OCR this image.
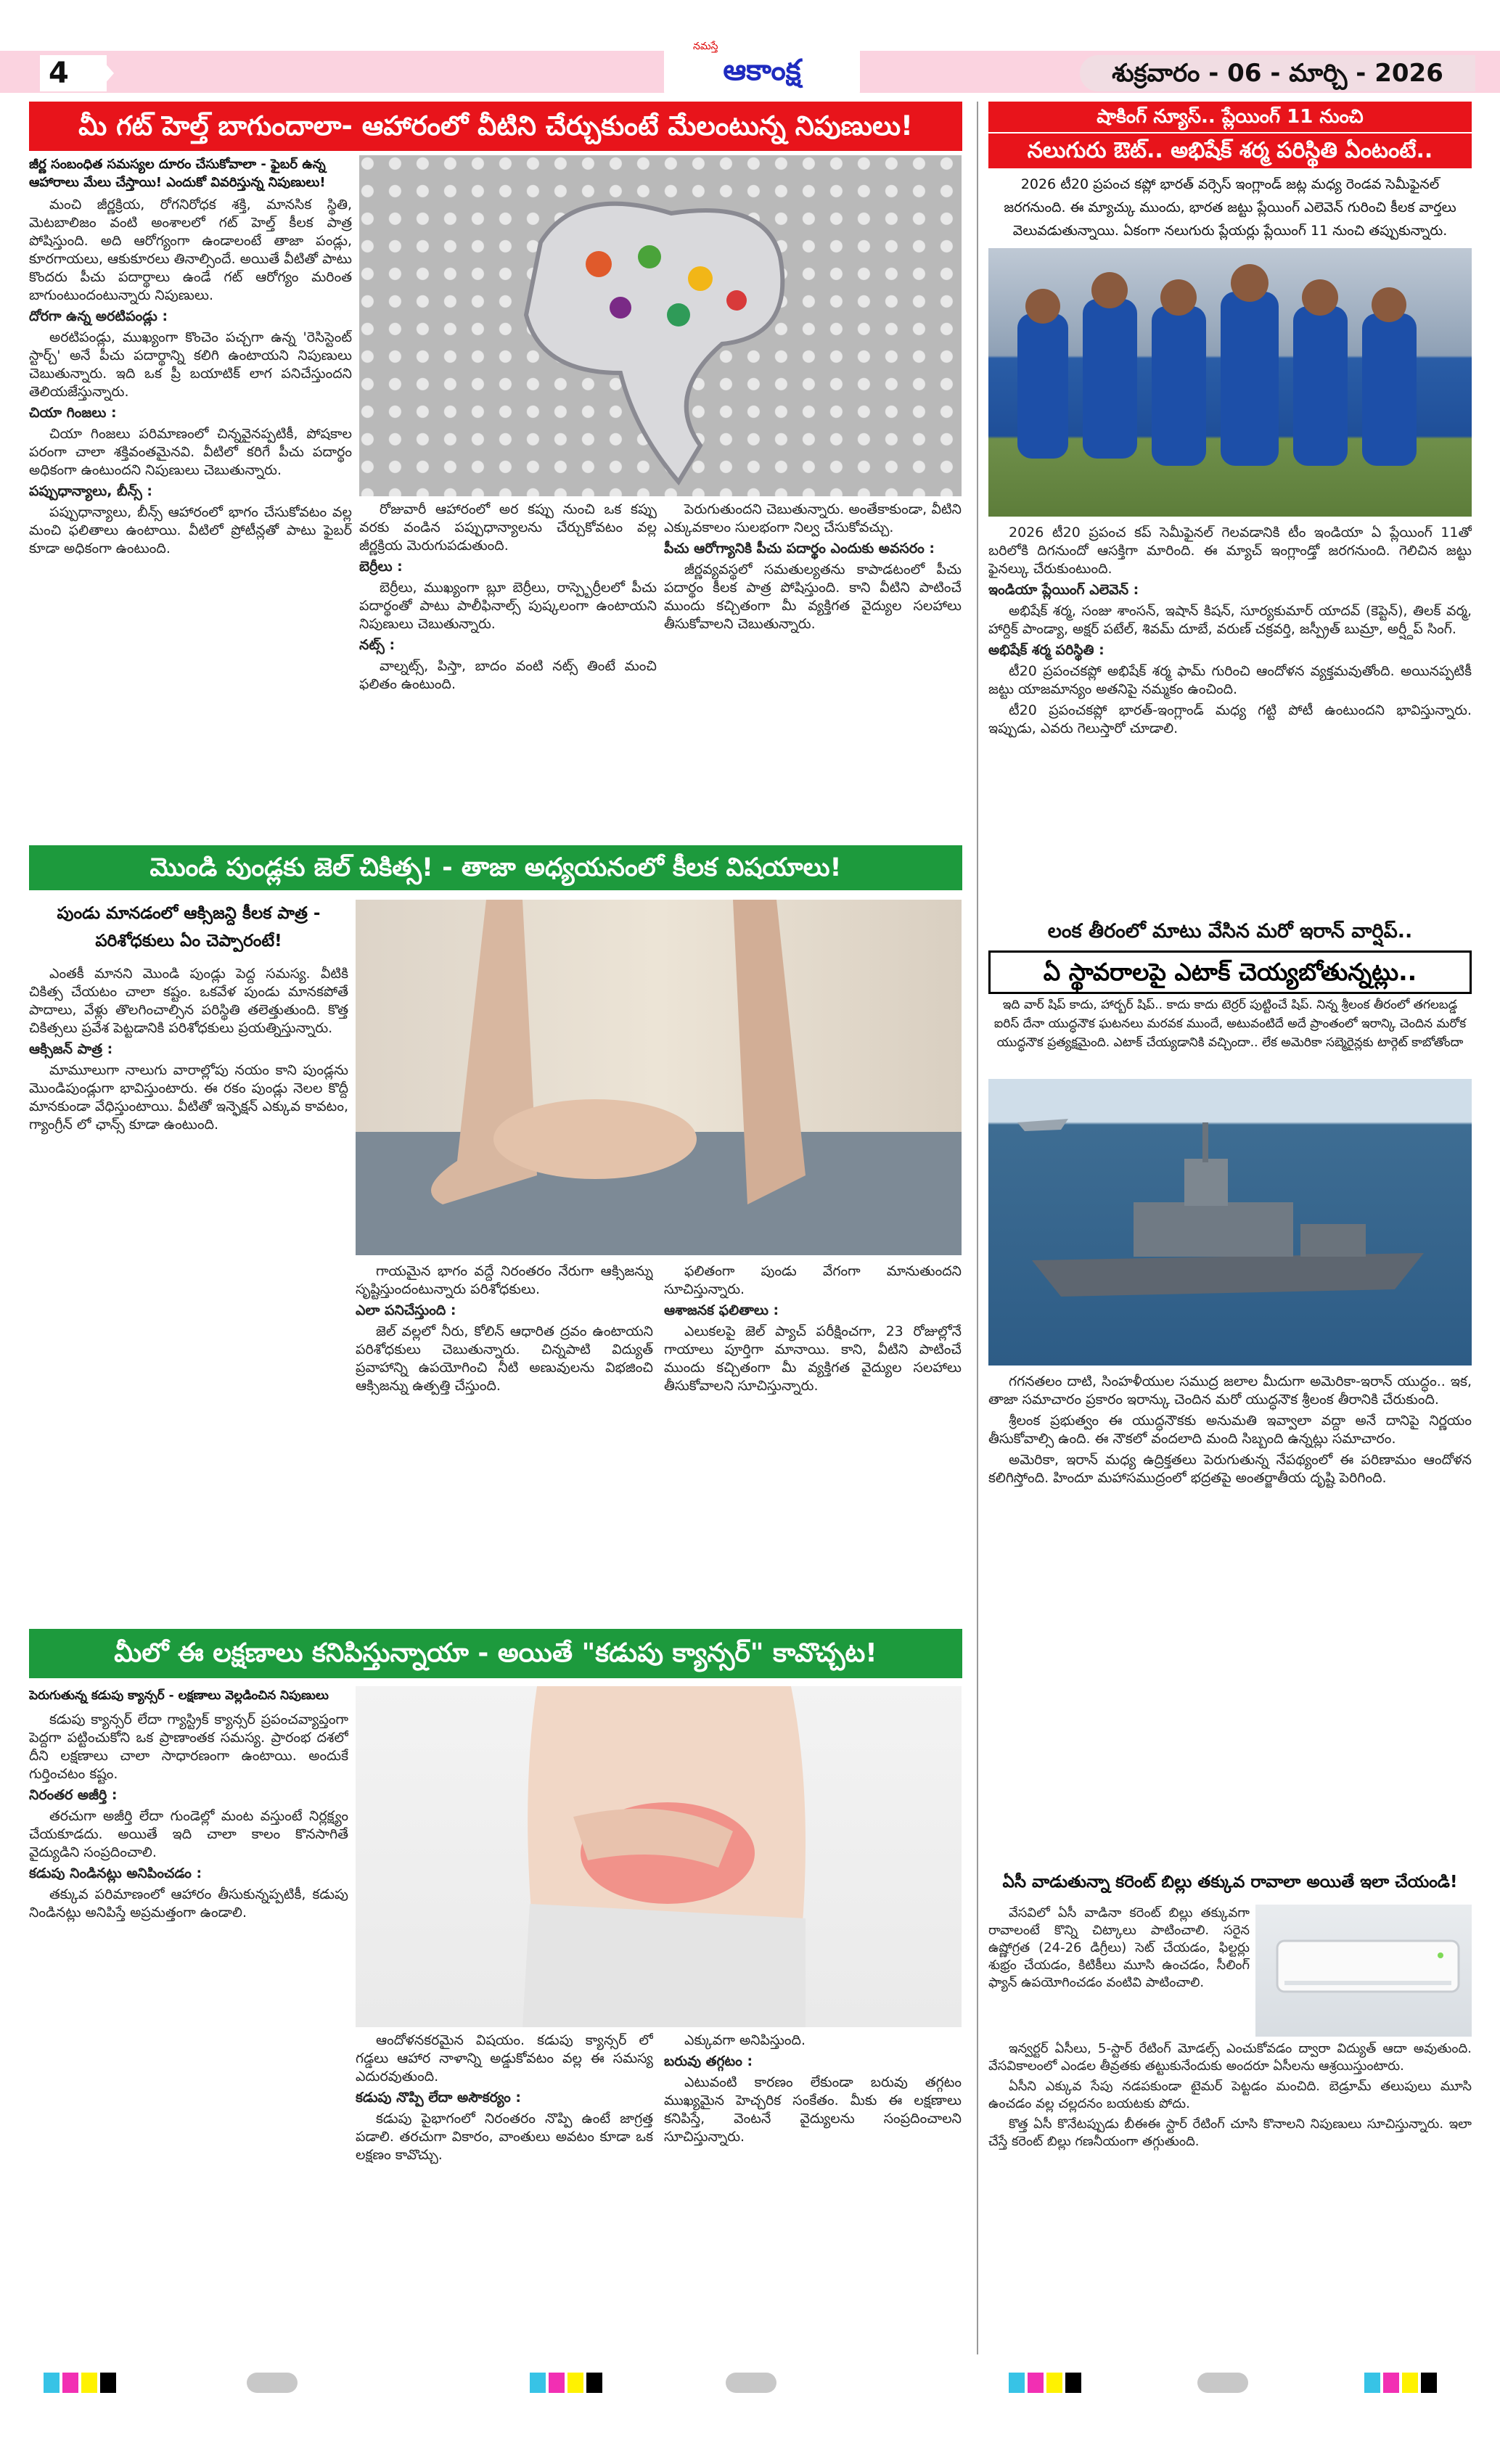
4
నమస్తే
ఆకాంక్ష	శుక్రవారం - 06 - మార్చి - 2026
మీ గట్ హెల్త్ బాగుందాలా- ఆహారంలో వీటిని చేర్చుకుంటే మేలంటున్న నిపుణులు!
జీర్ణ సంబంధిత సమస్యల దూరం చేసుకోవాలా - ఫైబర్ ఉన్న ఆహారాలు మేలు చేస్తాయి! ఎందుకో వివరిస్తున్న నిపుణులు!

మంచి జీర్ణక్రియ, రోగనిరోధక శక్తి, మానసిక స్థితి, మెటబాలిజం వంటి అంశాలలో గట్ హెల్త్ కీలక పాత్ర పోషిస్తుంది. అది ఆరోగ్యంగా ఉండాలంటే తాజా పండ్లు, కూరగాయలు, ఆకుకూరలు తినాల్సిందే. అయితే వీటితో పాటు కొందరు పీచు పదార్థాలు ఉండే గట్ ఆరోగ్యం మరింత బాగుంటుందంటున్నారు నిపుణులు.

దోరగా ఉన్న అరటిపండ్లు :

అరటిపండ్లు, ముఖ్యంగా కొంచెం పచ్చగా ఉన్న 'రెసిస్టెంట్ స్టార్చ్' అనే పీచు పదార్థాన్ని కలిగి ఉంటాయని నిపుణులు చెబుతున్నారు. ఇది ఒక ప్రీ బయాటిక్ లాగ పనిచేస్తుందని తెలియజేస్తున్నారు.

చియా గింజలు :

చియా గింజలు పరిమాణంలో చిన్నవైనప్పటికీ, పోషకాల పరంగా చాలా శక్తివంతమైనవి. వీటిలో కరిగే పీచు పదార్థం అధికంగా ఉంటుందని నిపుణులు చెబుతున్నారు.

పప్పుధాన్యాలు, బీన్స్ :

పప్పుధాన్యాలు, బీన్స్ ఆహారంలో భాగం చేసుకోవటం వల్ల మంచి ఫలితాలు ఉంటాయి. వీటిలో ప్రోటీన్లతో పాటు ఫైబర్ కూడా అధికంగా ఉంటుంది.

రోజువారీ ఆహారంలో అర కప్పు నుంచి ఒక కప్పు వరకు వండిన పప్పుధాన్యాలను చేర్చుకోవటం వల్ల జీర్ణక్రియ మెరుగుపడుతుంది.

బెర్రీలు :

బెర్రీలు, ముఖ్యంగా బ్లూ బెర్రీలు, రాస్ప్బెర్రీలలో పీచు పదార్థంతో పాటు పాలీఫినాల్స్ పుష్కలంగా ఉంటాయని నిపుణులు చెబుతున్నారు.

నట్స్ :

వాల్నట్స్, పిస్తా, బాదం వంటి నట్స్ తింటే మంచి ఫలితం ఉంటుంది.

పెరుగుతుందని చెబుతున్నారు. అంతేకాకుండా, వీటిని ఎక్కువకాలం సులభంగా నిల్వ చేసుకోవచ్చు.

పీచు ఆరోగ్యానికి పీచు పదార్థం ఎందుకు అవసరం :

జీర్ణవ్యవస్థలో సమతుల్యతను కాపాడటంలో పీచు పదార్థం కీలక పాత్ర పోషిస్తుంది. కాని వీటిని పాటించే ముందు కచ్చితంగా మీ వ్యక్తిగత వైద్యుల సలహాలు తీసుకోవాలని చెబుతున్నారు.

మొండి పుండ్లకు జెల్ చికిత్స! - తాజా అధ్యయనంలో కీలక విషయాలు!
పుండు మానడంలో ఆక్సిజన్ది కీలక పాత్ర - పరిశోధకులు ఏం చెప్పారంటే!

ఎంతకీ మానని మొండి పుండ్లు పెద్ద సమస్య. వీటికి చికిత్స చేయటం చాలా కష్టం. ఒకవేళ పుండు మానకపోతే పాదాలు, వేళ్లు తొలగించాల్సిన పరిస్థితి తలెత్తుతుంది. కొత్త చికిత్సలు ప్రవేశ పెట్టడానికి పరిశోధకులు ప్రయత్నిస్తున్నారు.

ఆక్సిజన్ పాత్ర :

మామూలుగా నాలుగు వారాల్లోపు నయం కాని పుండ్లను మొండిపుండ్లుగా భావిస్తుంటారు. ఈ రకం పుండ్లు నెలల కొద్దీ మానకుండా వేధిస్తుంటాయి. వీటితో ఇన్ఫెక్షన్ ఎక్కువ కావటం, గ్యాంగ్రీన్ లో ఛాన్స్ కూడా ఉంటుంది.

గాయమైన భాగం వద్దే నిరంతరం నేరుగా ఆక్సిజన్ను సృష్టిస్తుందంటున్నారు పరిశోధకులు.

ఎలా పనిచేస్తుంది :

జెల్ వల్లలో నీరు, కోలిన్ ఆధారిత ద్రవం ఉంటాయని పరిశోధకులు చెబుతున్నారు. చిన్నపాటి విద్యుత్ ప్రవాహాన్ని ఉపయోగించి నీటి అణువులను విభజించి ఆక్సిజన్ను ఉత్పత్తి చేస్తుంది.

ఫలితంగా పుండు వేగంగా మానుతుందని సూచిస్తున్నారు.

ఆశాజనక ఫలితాలు :

ఎలుకలపై జెల్ ప్యాచ్ పరీక్షించగా, 23 రోజుల్లోనే గాయాలు పూర్తిగా మానాయి. కాని, వీటిని పాటించే ముందు కచ్చితంగా మీ వ్యక్తిగత వైద్యుల సలహాలు తీసుకోవాలని సూచిస్తున్నారు.

మీలో ఈ లక్షణాలు కనిపిస్తున్నాయా - అయితే "కడుపు క్యాన్సర్" కావొచ్చట!
పెరుగుతున్న కడుపు క్యాన్సర్ - లక్షణాలు వెల్లడించిన నిపుణులు

కడుపు క్యాన్సర్ లేదా గ్యాస్ట్రిక్ క్యాన్సర్ ప్రపంచవ్యాప్తంగా పెద్దగా పట్టించుకోని ఒక ప్రాణాంతక సమస్య. ప్రారంభ దశలో దీని లక్షణాలు చాలా సాధారణంగా ఉంటాయి. అందుకే గుర్తించటం కష్టం.

నిరంతర అజీర్తి :

తరచుగా అజీర్తి లేదా గుండెల్లో మంట వస్తుంటే నిర్లక్ష్యం చేయకూడదు. అయితే ఇది చాలా కాలం కొనసాగితే వైద్యుడిని సంప్రదించాలి.

కడుపు నిండినట్లు అనిపించడం :

తక్కువ పరిమాణంలో ఆహారం తీసుకున్నప్పటికీ, కడుపు నిండినట్లు అనిపిస్తే అప్రమత్తంగా ఉండాలి.

ఆందోళనకరమైన విషయం. కడుపు క్యాన్సర్ లో గడ్డలు ఆహార నాళాన్ని అడ్డుకోవటం వల్ల ఈ సమస్య ఎదురవుతుంది.

కడుపు నొప్పి లేదా అసౌకర్యం :

కడుపు పైభాగంలో నిరంతరం నొప్పి ఉంటే జాగ్రత్త పడాలి. తరచుగా వికారం, వాంతులు అవటం కూడా ఒక లక్షణం కావొచ్చు.

ఎక్కువగా అనిపిస్తుంది.

బరువు తగ్గటం :

ఎటువంటి కారణం లేకుండా బరువు తగ్గటం ముఖ్యమైన హెచ్చరిక సంకేతం. మీకు ఈ లక్షణాలు కనిపిస్తే, వెంటనే వైద్యులను సంప్రదించాలని సూచిస్తున్నారు.

షాకింగ్ న్యూస్.. ప్లేయింగ్ 11 నుంచి
నలుగురు ఔట్.. అభిషేక్ శర్మ పరిస్థితి ఏంటంటే..
2026 టీ20 ప్రపంచ కప్లో భారత్ వర్సెస్ ఇంగ్లాండ్ జట్ల మధ్య రెండవ సెమీఫైనల్ జరగనుంది. ఈ మ్యాచ్కు ముందు, భారత జట్టు ప్లేయింగ్ ఎలెవెన్ గురించి కీలక వార్తలు వెలువడుతున్నాయి. ఏకంగా నలుగురు ప్లేయర్లు ప్లేయింగ్ 11 నుంచి తప్పుకున్నారు.

2026 టీ20 ప్రపంచ కప్ సెమీఫైనల్ గెలవడానికి టీం ఇండియా ఏ ప్లేయింగ్ 11తో బరిలోకి దిగనుందో ఆసక్తిగా మారింది. ఈ మ్యాచ్ ఇంగ్లాండ్తో జరగనుంది. గెలిచిన జట్టు ఫైనల్కు చేరుకుంటుంది.

ఇండియా ప్లేయింగ్ ఎలెవెన్ :

అభిషేక్ శర్మ, సంజు శాంసన్, ఇషాన్ కిషన్, సూర్యకుమార్ యాదవ్ (కెప్టెన్), తిలక్ వర్మ, హార్దిక్ పాండ్యా, అక్షర్ పటేల్, శివమ్ దూబే, వరుణ్ చక్రవర్తి, జస్ప్రీత్ బుమ్రా, అర్ష్దీప్ సింగ్.

అభిషేక్ శర్మ పరిస్థితి :

టీ20 ప్రపంచకప్లో అభిషేక్ శర్మ ఫామ్ గురించి ఆందోళన వ్యక్తమవుతోంది. అయినప్పటికీ జట్టు యాజమాన్యం అతనిపై నమ్మకం ఉంచింది.

టీ20 ప్రపంచకప్లో భారత్-ఇంగ్లాండ్ మధ్య గట్టి పోటీ ఉంటుందని భావిస్తున్నారు. ఇప్పుడు, ఎవరు గెలుస్తారో చూడాలి.

లంక తీరంలో మాటు వేసిన మరో ఇరాన్ వార్షిప్..
ఏ స్థావరాలపై ఎటాక్ చెయ్యబోతున్నట్లు..
ఇది వార్ షిప్ కాదు, హార్బర్ షిప్.. కాదు కాదు టెర్రర్ పుట్టించే షిప్. నిన్న శ్రీలంక తీరంలో తగలబడ్డ ఐరిస్ దేనా యుద్ధనౌక ఘటనలు మరవక ముందే, అటువంటిదే అదే ప్రాంతంలో ఇరాన్కి చెందిన మరోక యుద్ధనౌక ప్రత్యక్షమైంది. ఎటాక్ చేయ్యడానికి వచ్చిందా.. లేక అమెరికా సబ్మెరైన్లకు టార్గెట్ కాబోతోందా

గగనతలం దాటి, సింహళీయుల సముద్ర జలాల మీదుగా అమెరికా-ఇరాన్ యుద్ధం.. ఇక, తాజా సమాచారం ప్రకారం ఇరాన్కు చెందిన మరో యుద్ధనౌక శ్రీలంక తీరానికి చేరుకుంది.

శ్రీలంక ప్రభుత్వం ఈ యుద్ధనౌకకు అనుమతి ఇవ్వాలా వద్దా అనే దానిపై నిర్ణయం తీసుకోవాల్సి ఉంది. ఈ నౌకలో వందలాది మంది సిబ్బంది ఉన్నట్లు సమాచారం.

అమెరికా, ఇరాన్ మధ్య ఉద్రిక్తతలు పెరుగుతున్న నేపథ్యంలో ఈ పరిణామం ఆందోళన కలిగిస్తోంది. హిందూ మహాసముద్రంలో భద్రతపై అంతర్జాతీయ దృష్టి పెరిగింది.

ఏసీ వాడుతున్నా కరెంట్ బిల్లు తక్కువ రావాలా అయితే ఇలా చేయండి!

వేసవిలో ఏసీ వాడినా కరెంట్ బిల్లు తక్కువగా రావాలంటే కొన్ని చిట్కాలు పాటించాలి. సరైన ఉష్ణోగ్రత (24-26 డిగ్రీలు) సెట్ చేయడం, ఫిల్టర్లు శుభ్రం చేయడం, కిటికీలు మూసి ఉంచడం, సీలింగ్ ఫ్యాన్ ఉపయోగించడం వంటివి పాటించాలి.

ఇన్వర్టర్ ఏసీలు, 5-స్టార్ రేటింగ్ మోడల్స్ ఎంచుకోవడం ద్వారా విద్యుత్ ఆదా అవుతుంది. వేసవికాలంలో ఎండల తీవ్రతకు తట్టుకునేందుకు అందరూ ఏసీలను ఆశ్రయిస్తుంటారు.

ఏసీని ఎక్కువ సేపు నడపకుండా టైమర్ పెట్టడం మంచిది. బెడ్రూమ్ తలుపులు మూసి ఉంచడం వల్ల చల్లదనం బయటకు పోదు.

కొత్త ఏసీ కొనేటప్పుడు బీఈఈ స్టార్ రేటింగ్ చూసి కొనాలని నిపుణులు సూచిస్తున్నారు. ఇలా చేస్తే కరెంట్ బిల్లు గణనీయంగా తగ్గుతుంది.
